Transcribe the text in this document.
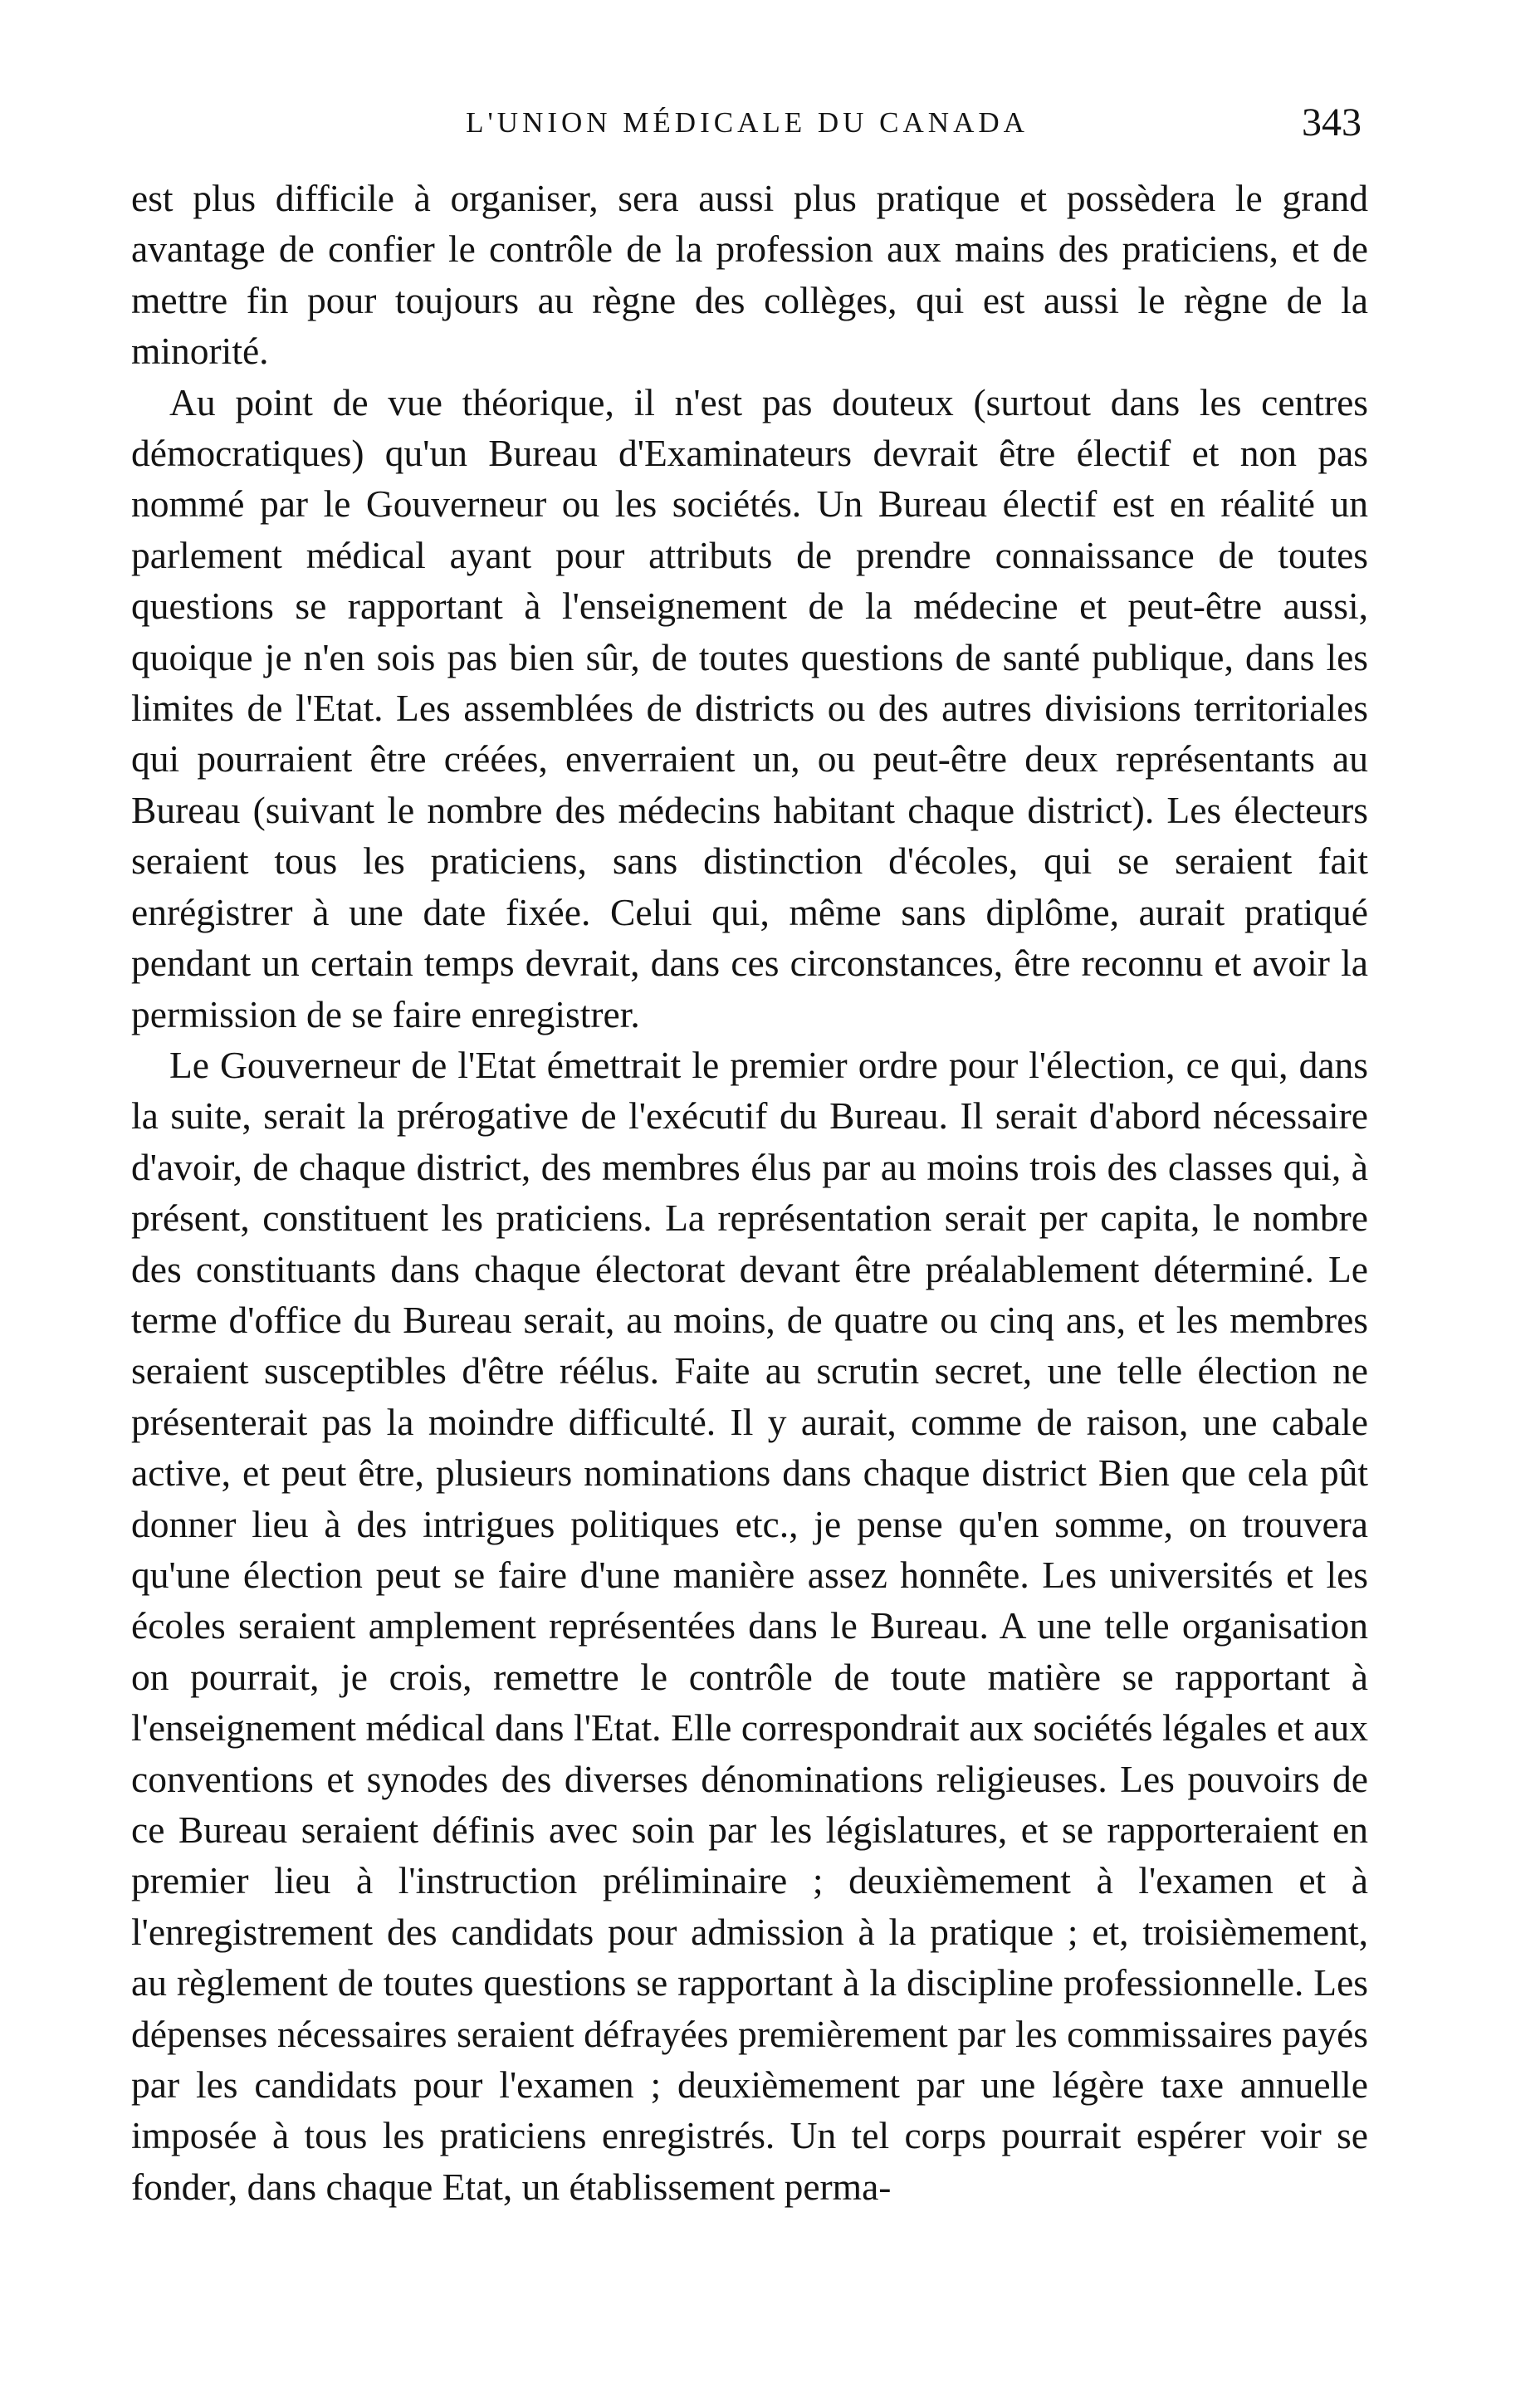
L'UNION MÉDICALE DU CANADA	343

est plus difficile à organiser, sera aussi plus pratique et possèdera le grand avantage de confier le contrôle de la profession aux mains des praticiens, et de mettre fin pour toujours au règne des collèges, qui est aussi le règne de la minorité.

Au point de vue théorique, il n'est pas douteux (surtout dans les centres démocratiques) qu'un Bureau d'Examinateurs devrait être électif et non pas nommé par le Gouverneur ou les sociétés. Un Bureau électif est en réalité un parlement médical ayant pour attributs de prendre connaissance de toutes questions se rapportant à l'enseignement de la médecine et peut-être aussi, quoique je n'en sois pas bien sûr, de toutes questions de santé publique, dans les limites de l'Etat. Les assemblées de districts ou des autres divisions territoriales qui pourraient être créées, enverraient un, ou peut-être deux représentants au Bureau (suivant le nombre des médecins habitant chaque district). Les électeurs seraient tous les praticiens, sans distinction d'écoles, qui se seraient fait enrégistrer à une date fixée. Celui qui, même sans diplôme, aurait pratiqué pendant un certain temps devrait, dans ces circonstances, être reconnu et avoir la permission de se faire enregistrer.

Le Gouverneur de l'Etat émettrait le premier ordre pour l'élection, ce qui, dans la suite, serait la prérogative de l'exécutif du Bureau. Il serait d'abord nécessaire d'avoir, de chaque district, des membres élus par au moins trois des classes qui, à présent, constituent les praticiens. La représentation serait per capita, le nombre des constituants dans chaque électorat devant être préalablement déterminé. Le terme d'office du Bureau serait, au moins, de quatre ou cinq ans, et les membres seraient susceptibles d'être réélus. Faite au scrutin secret, une telle élection ne présenterait pas la moindre difficulté. Il y aurait, comme de raison, une cabale active, et peut être, plusieurs nominations dans chaque district Bien que cela pût donner lieu à des intrigues politiques etc., je pense qu'en somme, on trouvera qu'une élection peut se faire d'une manière assez honnête. Les universités et les écoles seraient amplement représentées dans le Bureau. A une telle organisation on pourrait, je crois, remettre le contrôle de toute matière se rapportant à l'enseignement médical dans l'Etat. Elle correspondrait aux sociétés légales et aux conventions et synodes des diverses dénominations religieuses. Les pouvoirs de ce Bureau seraient définis avec soin par les législatures, et se rapporteraient en premier lieu à l'instruction préliminaire ; deuxièmement à l'examen et à l'enregistrement des candidats pour admission à la pratique ; et, troisièmement, au règlement de toutes questions se rapportant à la discipline professionnelle. Les dépenses nécessaires seraient défrayées premièrement par les commissaires payés par les candidats pour l'examen ; deuxièmement par une légère taxe annuelle imposée à tous les praticiens enregistrés. Un tel corps pourrait espérer voir se fonder, dans chaque Etat, un établissement perma-
